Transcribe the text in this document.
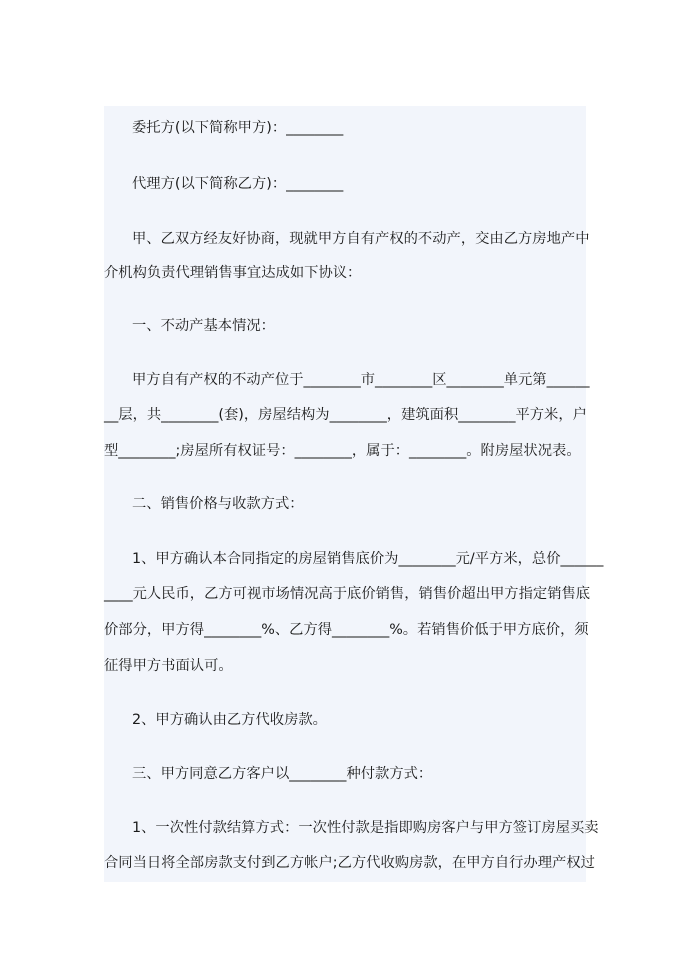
委托方(以下简称甲方)：________
代理方(以下简称乙方)：________
甲、乙双方经友好协商，现就甲方自有产权的不动产，交由乙方房地产中
介机构负责代理销售事宜达成如下协议：
一、不动产基本情况：
甲方自有产权的不动产位于________市________区________单元第______
__层，共________(套)，房屋结构为________，建筑面积________平方米，户
型________;房屋所有权证号：________，属于：________。附房屋状况表。
二、销售价格与收款方式：
1、甲方确认本合同指定的房屋销售底价为________元/平方米，总价______
____元人民币，乙方可视市场情况高于底价销售，销售价超出甲方指定销售底
价部分，甲方得________%、乙方得________%。若销售价低于甲方底价，须
征得甲方书面认可。
2、甲方确认由乙方代收房款。
三、甲方同意乙方客户以________种付款方式：
1、一次性付款结算方式：一次性付款是指即购房客户与甲方签订房屋买卖
合同当日将全部房款支付到乙方帐户;乙方代收购房款，在甲方自行办理产权过
